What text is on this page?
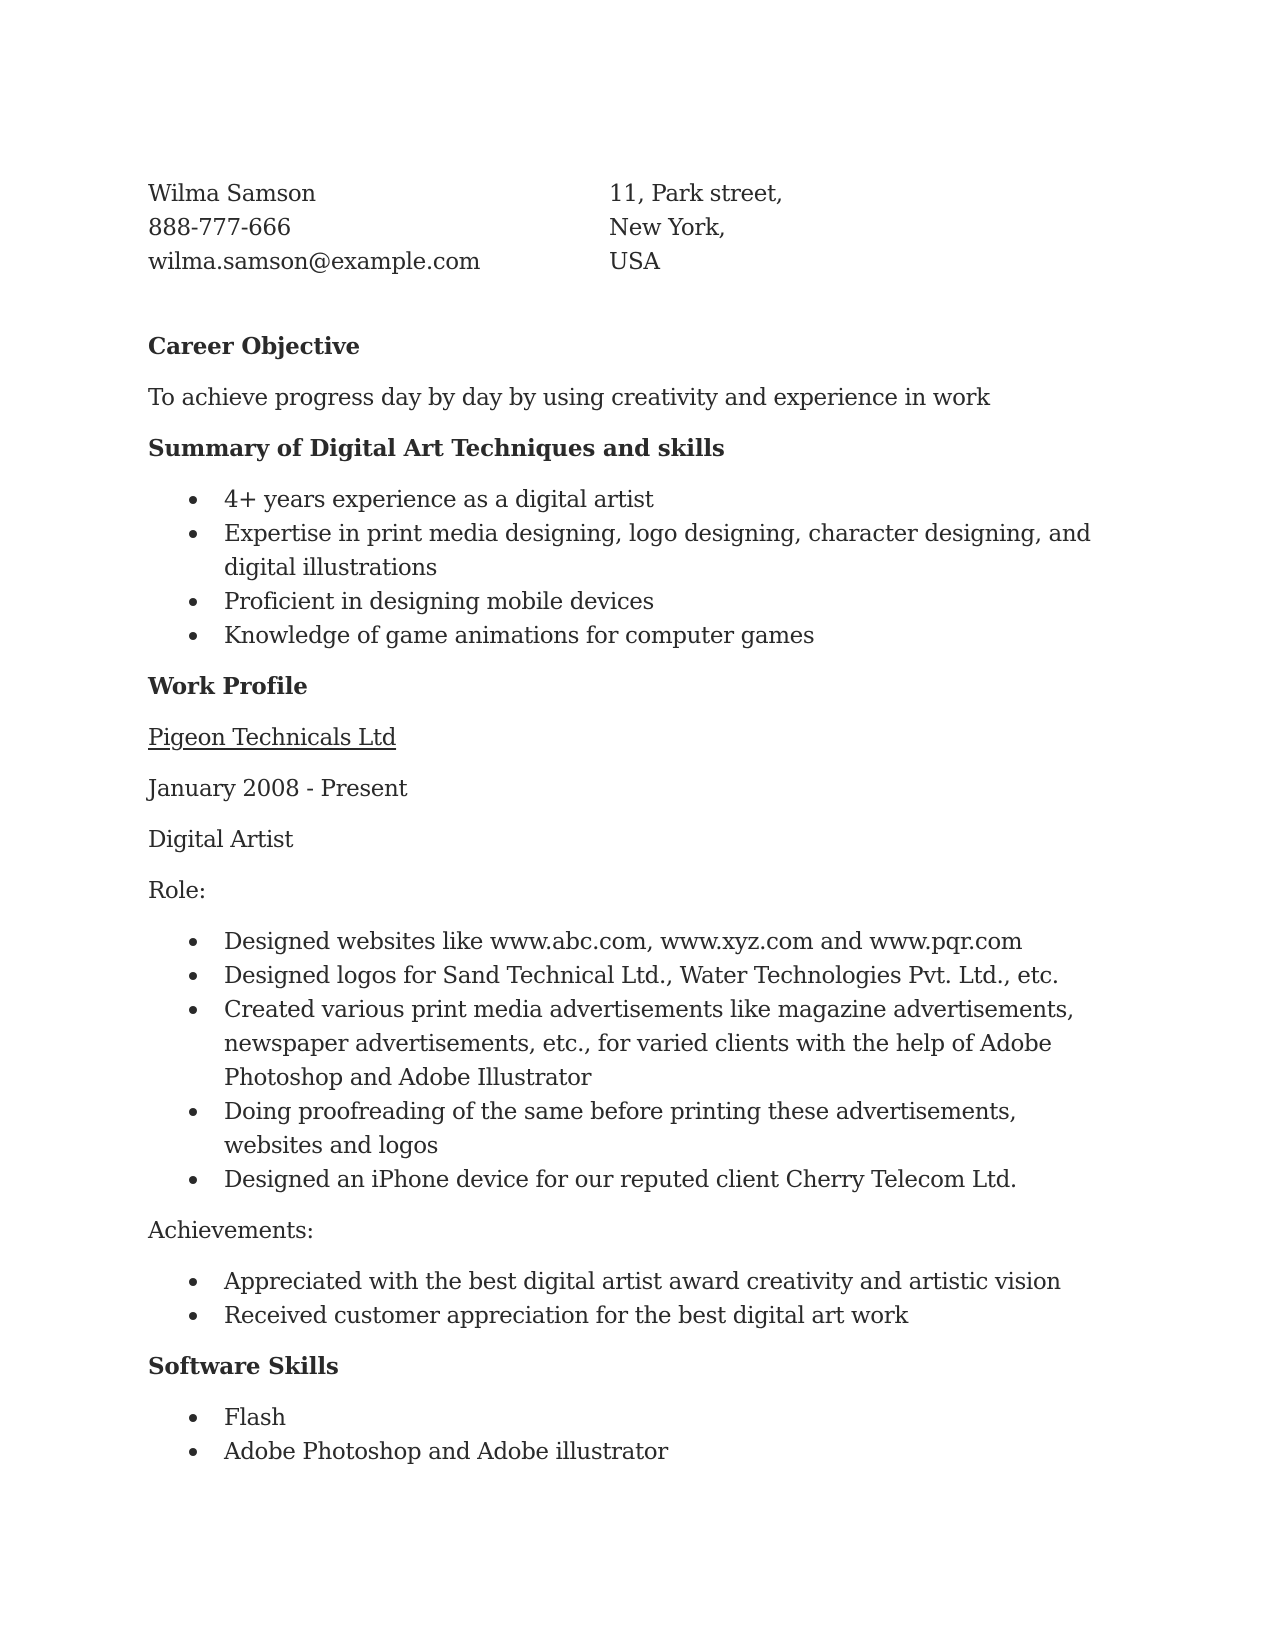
Wilma Samson
888-777-666
wilma.samson@example.com
11, Park street,
New York,
USA
Career Objective

To achieve progress day by day by using creativity and experience in work

Summary of Digital Art Techniques and skills
4+ years experience as a digital artist
Expertise in print media designing, logo designing, character designing, and digital illustrations
Proficient in designing mobile devices
Knowledge of game animations for computer games
Work Profile

Pigeon Technicals Ltd

January 2008 - Present

Digital Artist

Role:

Designed websites like www.abc.com, www.xyz.com and www.pqr.com
Designed logos for Sand Technical Ltd., Water Technologies Pvt. Ltd., etc.
Created various print media advertisements like magazine advertisements, newspaper advertisements, etc., for varied clients with the help of Adobe Photoshop and Adobe Illustrator
Doing proofreading of the same before printing these advertisements, websites and logos
Designed an iPhone device for our reputed client Cherry Telecom Ltd.

Achievements:

Appreciated with the best digital artist award creativity and artistic vision
Received customer appreciation for the best digital art work
Software Skills
Flash
Adobe Photoshop and Adobe illustrator
